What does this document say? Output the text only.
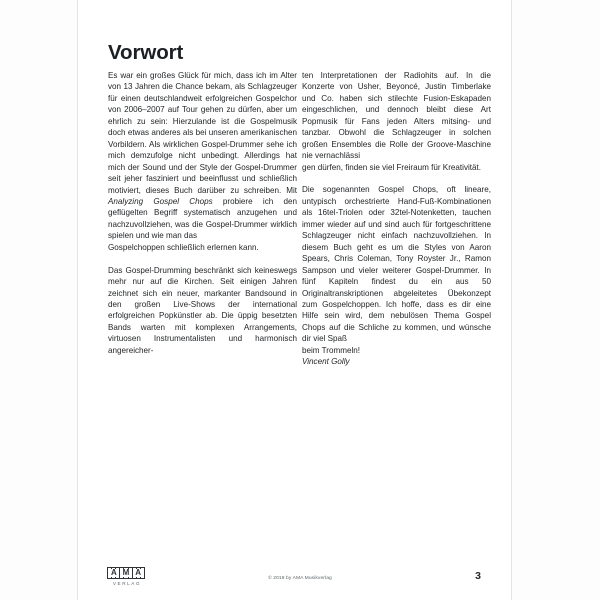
Vorwort

Es war ein großes Glück für mich, dass ich im Alter von 13 Jahren die Chance bekam, als Schlagzeuger für einen deutschlandweit erfolgreichen Gospelchor von 2006–2007 auf Tour gehen zu dürfen, aber um ehrlich zu sein: Hierzulande ist die Gospelmusik doch etwas anderes als bei unseren amerikanischen Vorbildern. Als wirklichen Gospel-Drummer sehe ich mich demzufolge nicht unbedingt. Allerdings hat mich der Sound und der Style der Gospel-Drummer seit jeher fasziniert und beeinflusst und schließlich motiviert, dieses Buch darüber zu schreiben. Mit Analyzing Gospel Chops probiere ich den geflügelten Begriff systematisch anzugehen und nachzuvollziehen, was die Gospel-Drummer wirklich spielen und wie man das
Gospelchoppen schließlich erlernen kann.

Das Gospel-Drumming beschränkt sich keineswegs mehr nur auf die Kirchen. Seit einigen Jahren zeichnet sich ein neuer, markanter Bandsound in den großen Live-Shows der international erfolgreichen Popkünstler ab. Die üppig besetzten Bands warten mit komplexen Arrangements, virtuosen Instrumentalisten und harmonisch angereicher-

ten Interpretationen der Radiohits auf. In die Konzerte von Usher, Beyoncé, Justin Timberlake und Co. haben sich stilechte Fusion-Eskapaden eingeschlichen, und dennoch bleibt diese Art Popmusik für Fans jeden Alters mitsing- und tanzbar. Obwohl die Schlagzeuger in solchen großen Ensembles die Rolle der Groove-Maschine nie vernachlässi
gen dürfen, finden sie viel Freiraum für Kreativität.

Die sogenannten Gospel Chops, oft lineare, untypisch orchestrierte Hand-Fuß-Kombinationen als 16tel-Triolen oder 32tel-Notenketten, tauchen immer wieder auf und sind auch für fortgeschrittene Schlagzeuger nicht einfach nachzuvollziehen. In diesem Buch geht es um die Styles von Aaron Spears, Chris Coleman, Tony Royster Jr., Ramon Sampson und vieler weiterer Gospel-Drummer. In fünf Kapiteln findest du ein aus 50 Originaltranskriptionen abgeleitetes Übekonzept zum Gospelchoppen. Ich hoffe, dass es dir eine Hilfe sein wird, dem nebulösen Thema Gospel Chops auf die Schliche zu kommen, und wünsche dir viel Spaß
beim Trommeln!
Vincent Golly

A M A
VERLAG
© 2018 by AMA Musikverlag	3
